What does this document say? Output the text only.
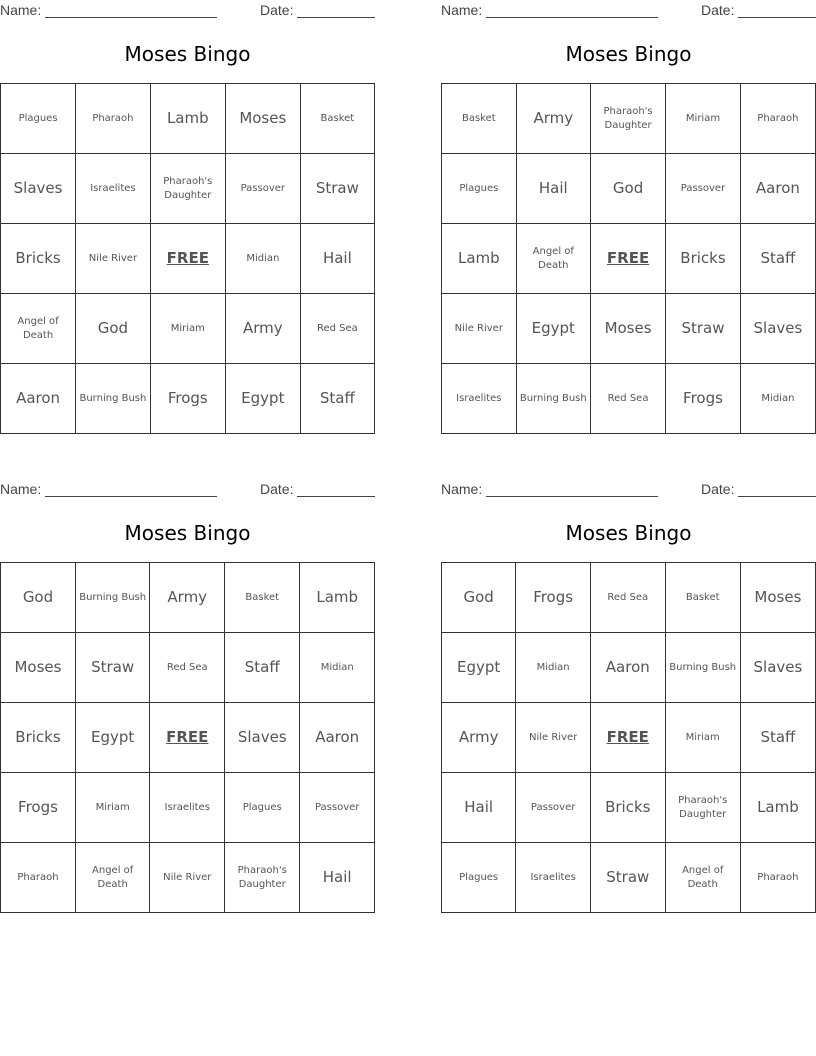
Name:	Date:
Moses Bingo
Plagues	Pharaoh	Lamb	Moses	Basket
Slaves	Israelites	Pharaoh's Daughter	Passover	Straw
Bricks	Nile River	FREE	Midian	Hail
Angel of Death	God	Miriam	Army	Red Sea
Aaron	Burning Bush	Frogs	Egypt	Staff
Name:	Date:
Moses Bingo
Basket	Army	Pharaoh's Daughter	Miriam	Pharaoh
Plagues	Hail	God	Passover	Aaron
Lamb	Angel of Death	FREE	Bricks	Staff
Nile River	Egypt	Moses	Straw	Slaves
Israelites	Burning Bush	Red Sea	Frogs	Midian
Name:	Date:
Moses Bingo
God	Burning Bush	Army	Basket	Lamb
Moses	Straw	Red Sea	Staff	Midian
Bricks	Egypt	FREE	Slaves	Aaron
Frogs	Miriam	Israelites	Plagues	Passover
Pharaoh	Angel of Death	Nile River	Pharaoh's Daughter	Hail
Name:	Date:
Moses Bingo
God	Frogs	Red Sea	Basket	Moses
Egypt	Midian	Aaron	Burning Bush	Slaves
Army	Nile River	FREE	Miriam	Staff
Hail	Passover	Bricks	Pharaoh's Daughter	Lamb
Plagues	Israelites	Straw	Angel of Death	Pharaoh
